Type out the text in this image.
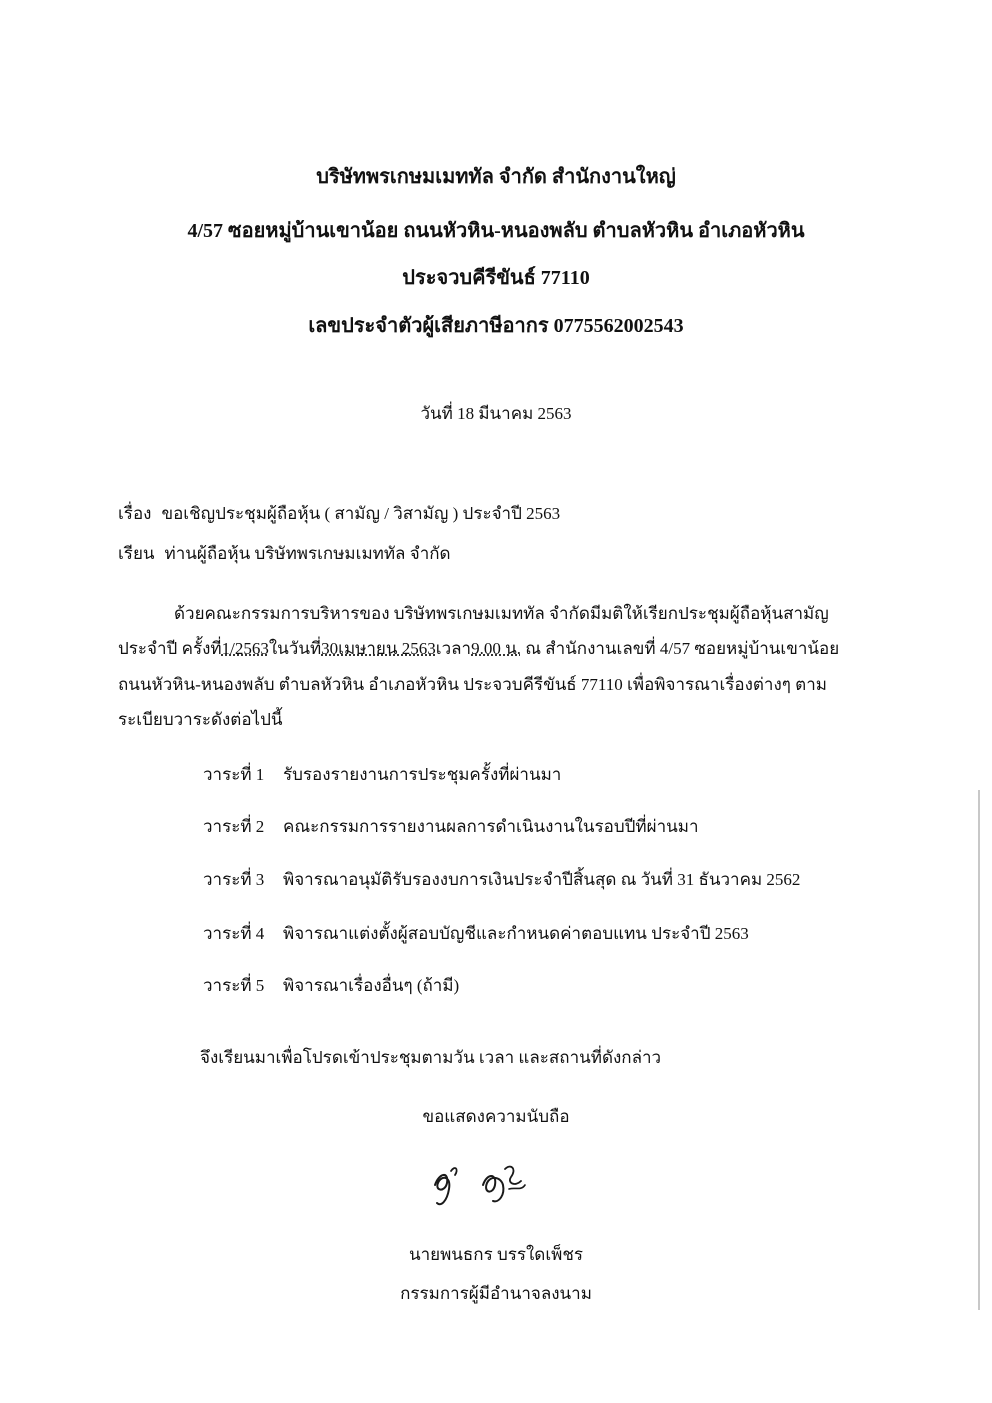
บริษัทพรเกษมเมททัล จำกัด สำนักงานใหญ่
4/57 ซอยหมู่บ้านเขาน้อย ถนนหัวหิน-หนองพลับ ตำบลหัวหิน อำเภอหัวหิน
ประจวบคีรีขันธ์ 77110
เลขประจำตัวผู้เสียภาษีอากร 0775562002543
วันที่ 18 มีนาคม 2563
เรื่อง ขอเชิญประชุมผู้ถือหุ้น ( สามัญ / วิสามัญ ) ประจำปี 2563
เรียน ท่านผู้ถือหุ้น บริษัทพรเกษมเมททัล จำกัด
ด้วยคณะกรรมการบริหารของ บริษัทพรเกษมเมททัล จำกัดมีมติให้เรียกประชุมผู้ถือหุ้นสามัญ
ประจำปี ครั้งที่1/2563ในวันที่30เมษายน 2563เวลา9.00 น. ณ สำนักงานเลขที่ 4/57 ซอยหมู่บ้านเขาน้อย
ถนนหัวหิน-หนองพลับ ตำบลหัวหิน อำเภอหัวหิน ประจวบคีรีขันธ์ 77110 เพื่อพิจารณาเรื่องต่างๆ ตาม
ระเบียบวาระดังต่อไปนี้
วาระที่ 1 รับรองรายงานการประชุมครั้งที่ผ่านมา
วาระที่ 2 คณะกรรมการรายงานผลการดำเนินงานในรอบปีที่ผ่านมา
วาระที่ 3 พิจารณาอนุมัติรับรองงบการเงินประจำปีสิ้นสุด ณ วันที่ 31 ธันวาคม 2562
วาระที่ 4 พิจารณาแต่งตั้งผู้สอบบัญชีและกำหนดค่าตอบแทน ประจำปี 2563
วาระที่ 5 พิจารณาเรื่องอื่นๆ (ถ้ามี)
จึงเรียนมาเพื่อโปรดเข้าประชุมตามวัน เวลา และสถานที่ดังกล่าว
ขอแสดงความนับถือ
นายพนธกร บรรใดเพ็ชร
กรรมการผู้มีอำนาจลงนาม
